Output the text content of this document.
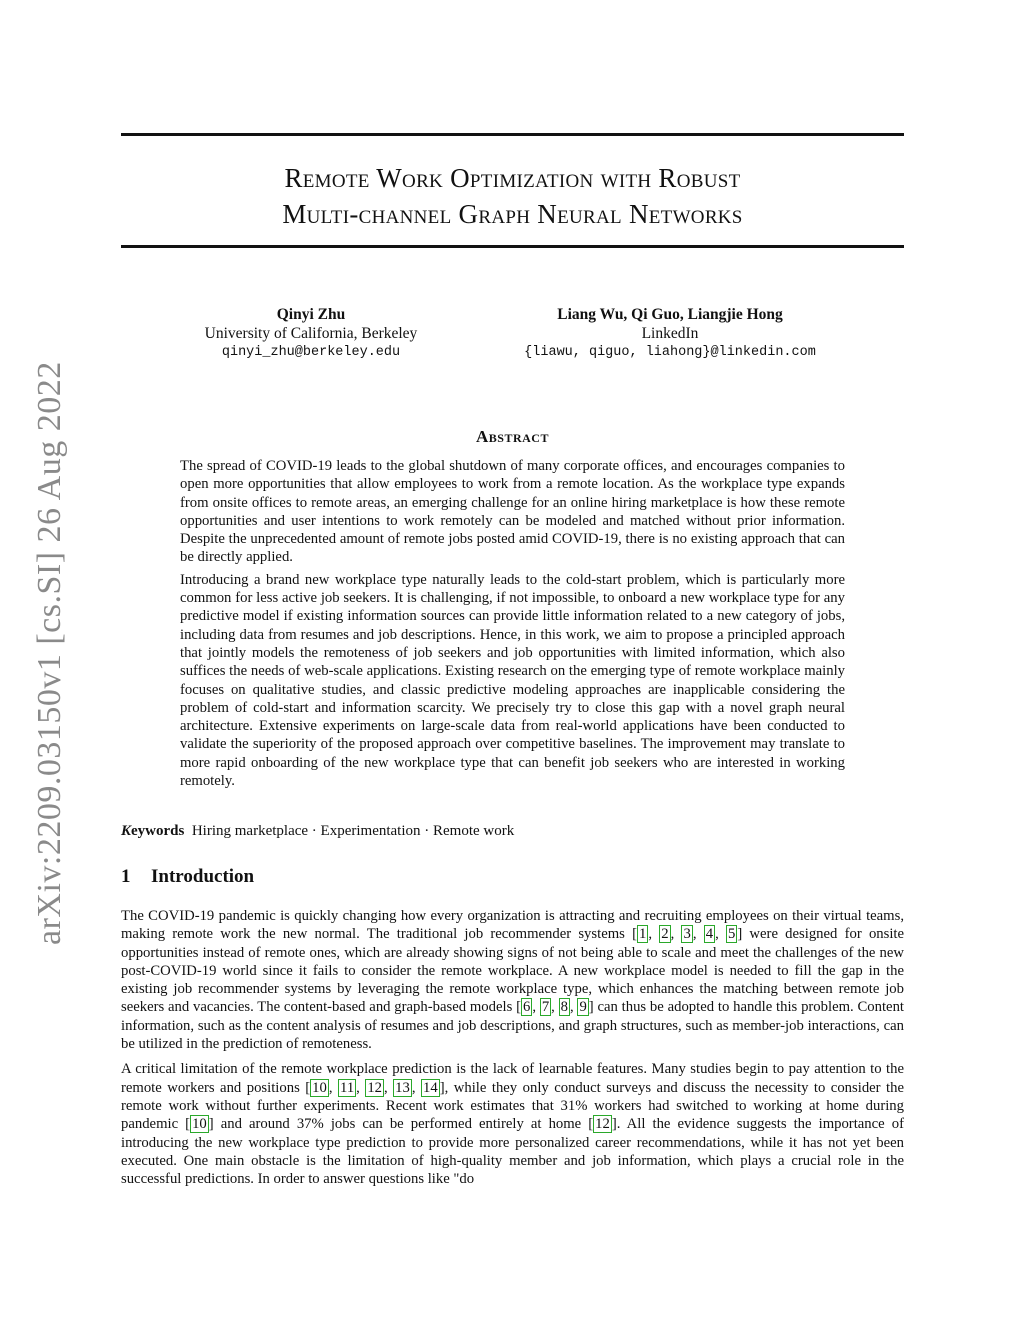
arXiv:2209.03150v1 [cs.SI] 26 Aug 2022
Remote Work Optimization with Robust
Multi-channel Graph Neural Networks
Qinyi Zhu
University of California, Berkeley
qinyi_zhu@berkeley.edu
Liang Wu, Qi Guo, Liangjie Hong
LinkedIn
{liawu, qiguo, liahong}@linkedin.com
Abstract

The spread of COVID-19 leads to the global shutdown of many corporate offices, and encourages companies to open more opportunities that allow employees to work from a remote location. As the workplace type expands from onsite offices to remote areas, an emerging challenge for an online hiring marketplace is how these remote opportunities and user intentions to work remotely can be modeled and matched without prior information. Despite the unprecedented amount of remote jobs posted amid COVID-19, there is no existing approach that can be directly applied.

Introducing a brand new workplace type naturally leads to the cold-start problem, which is particularly more common for less active job seekers. It is challenging, if not impossible, to onboard a new workplace type for any predictive model if existing information sources can provide little information related to a new category of jobs, including data from resumes and job descriptions. Hence, in this work, we aim to propose a principled approach that jointly models the remoteness of job seekers and job opportunities with limited information, which also suffices the needs of web-scale applications. Existing research on the emerging type of remote workplace mainly focuses on qualitative studies, and classic predictive modeling approaches are inapplicable considering the problem of cold-start and information scarcity. We precisely try to close this gap with a novel graph neural architecture. Extensive experiments on large-scale data from real-world applications have been conducted to validate the superiority of the proposed approach over competitive baselines. The improvement may translate to more rapid onboarding of the new workplace type that can benefit job seekers who are interested in working remotely.

Keywords Hiring marketplace · Experimentation · Remote work
1 Introduction

The COVID-19 pandemic is quickly changing how every organization is attracting and recruiting employees on their virtual teams, making remote work the new normal. The traditional job recommender systems [ 1 , 2 , 3 , 4 , 5 ] were designed for onsite opportunities instead of remote ones, which are already showing signs of not being able to scale and meet the challenges of the new post-COVID-19 world since it fails to consider the remote workplace. A new workplace model is needed to fill the gap in the existing job recommender systems by leveraging the remote workplace type, which enhances the matching between remote job seekers and vacancies. The content-based and graph-based models [ 6 , 7 , 8 , 9 ] can thus be adopted to handle this problem. Content information, such as the content analysis of resumes and job descriptions, and graph structures, such as member-job interactions, can be utilized in the prediction of remoteness.

A critical limitation of the remote workplace prediction is the lack of learnable features. Many studies begin to pay attention to the remote workers and positions [ 10 , 11 , 12 , 13 , 14 ], while they only conduct surveys and discuss the necessity to consider the remote work without further experiments. Recent work estimates that 31% workers had switched to working at home during pandemic [ 10 ] and around 37% jobs can be performed entirely at home [ 12 ]. All the evidence suggests the importance of introducing the new workplace type prediction to provide more personalized career recommendations, while it has not yet been executed. One main obstacle is the limitation of high-quality member and job information, which plays a crucial role in the successful predictions. In order to answer questions like "do
